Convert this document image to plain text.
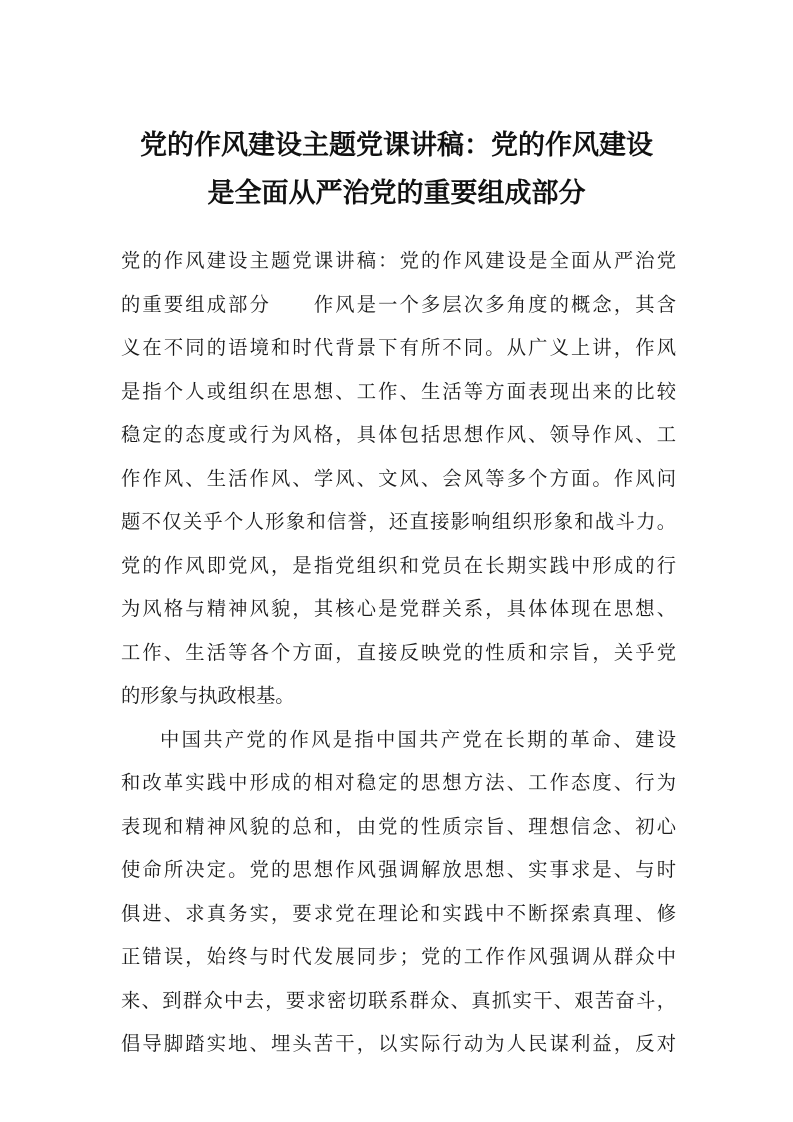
党的作风建设主题党课讲稿：党的作风建设
是全面从严治党的重要组成部分
党的作风建设主题党课讲稿：党的作风建设是全面从严治党
的重要组成部分　　作风是一个多层次多角度的概念，其含
义在不同的语境和时代背景下有所不同。从广义上讲，作风
是指个人或组织在思想、工作、生活等方面表现出来的比较
稳定的态度或行为风格，具体包括思想作风、领导作风、工
作作风、生活作风、学风、文风、会风等多个方面。作风问
题不仅关乎个人形象和信誉，还直接影响组织形象和战斗力。
党的作风即党风，是指党组织和党员在长期实践中形成的行
为风格与精神风貌，其核心是党群关系，具体体现在思想、
工作、生活等各个方面，直接反映党的性质和宗旨，关乎党
的形象与执政根基。
中国共产党的作风是指中国共产党在长期的革命、建设
和改革实践中形成的相对稳定的思想方法、工作态度、行为
表现和精神风貌的总和，由党的性质宗旨、理想信念、初心
使命所决定。党的思想作风强调解放思想、实事求是、与时
俱进、求真务实，要求党在理论和实践中不断探索真理、修
正错误，始终与时代发展同步；党的工作作风强调从群众中
来、到群众中去，要求密切联系群众、真抓实干、艰苦奋斗，
倡导脚踏实地、埋头苦干，以实际行动为人民谋利益，反对
